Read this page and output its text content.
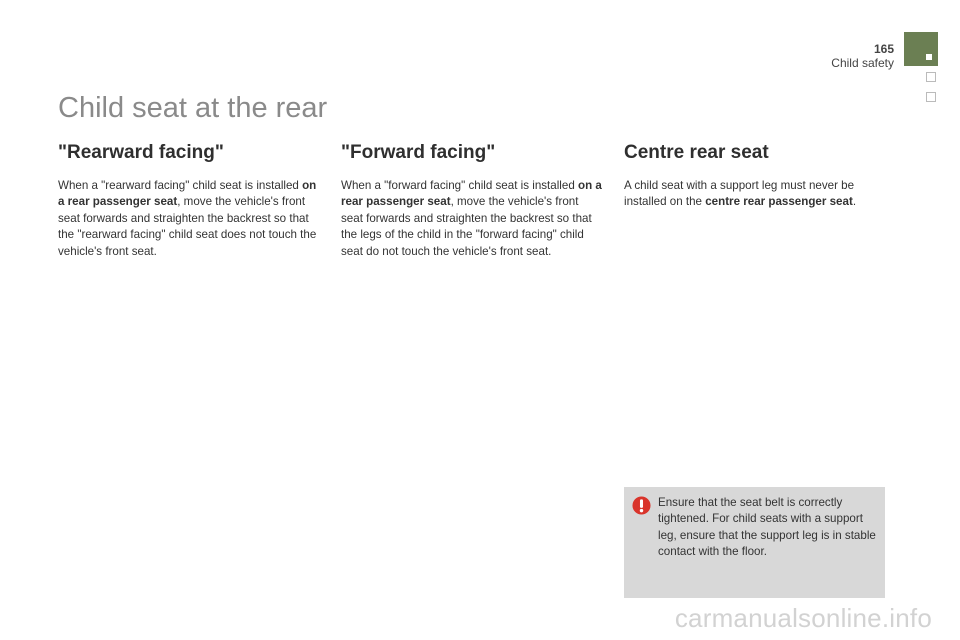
165
Child safety
Child seat at the rear
"Rearward facing"

When a "rearward facing" child seat is installed on a rear passenger seat, move the vehicle's front seat forwards and straighten the backrest so that the "rearward facing" child seat does not touch the vehicle's front seat.

"Forward facing"

When a "forward facing" child seat is installed on a rear passenger seat, move the vehicle's front seat forwards and straighten the backrest so that the legs of the child in the "forward facing" child seat do not touch the vehicle's front seat.

Centre rear seat

A child seat with a support leg must never be installed on the centre rear passenger seat.

Ensure that the seat belt is correctly tightened. For child seats with a support leg, ensure that the support leg is in stable contact with the floor.

carmanualsonline.info
